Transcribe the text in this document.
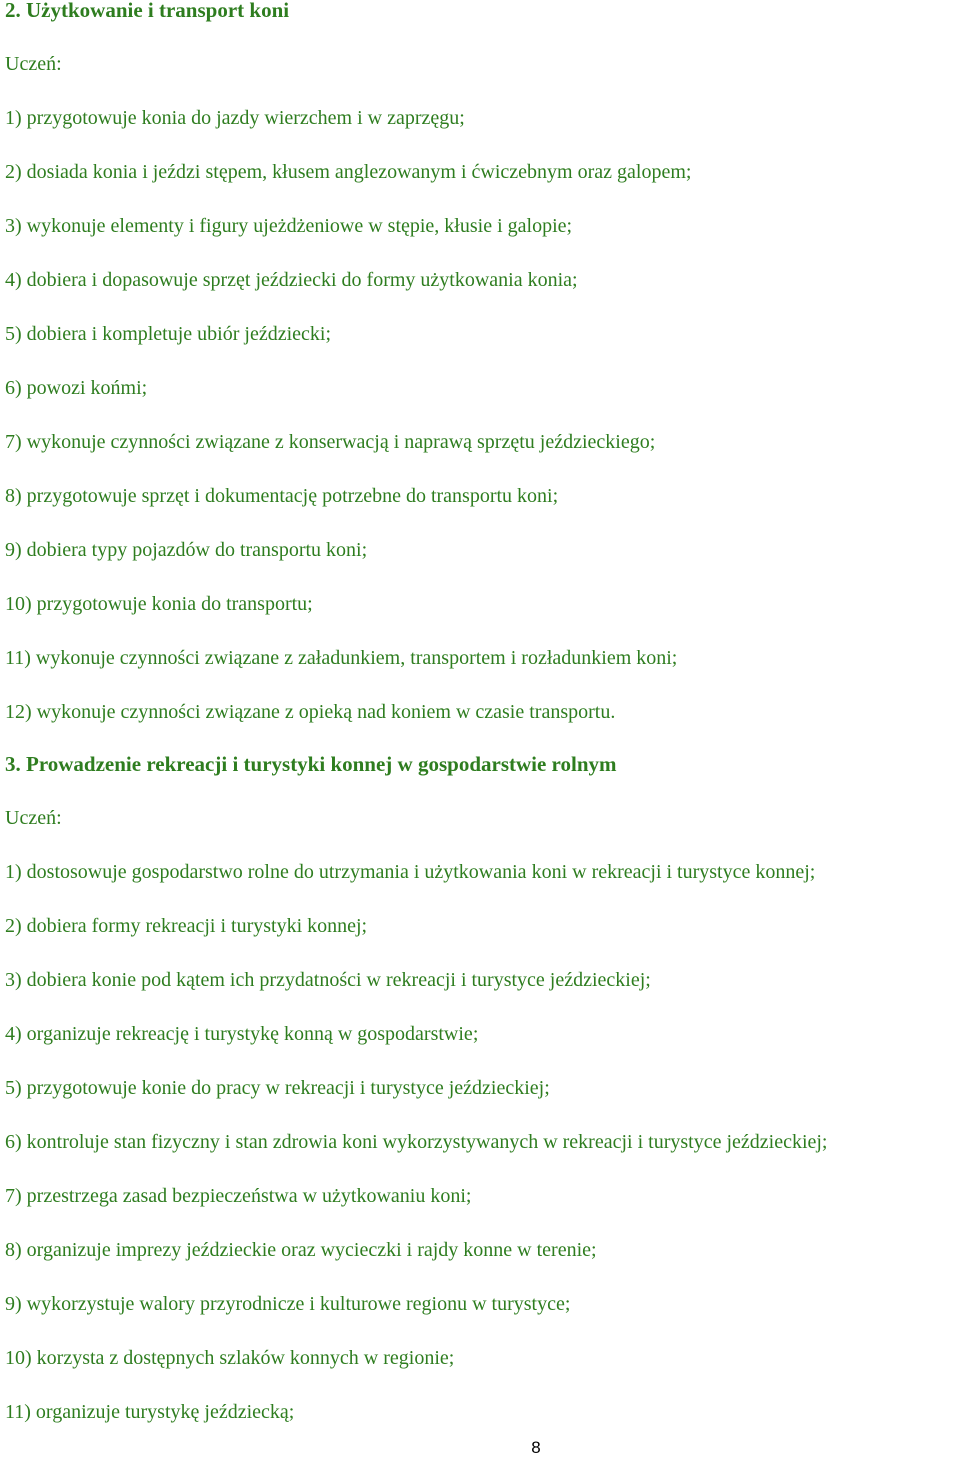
2. Użytkowanie i transport koni
Uczeń:
1) przygotowuje konia do jazdy wierzchem i w zaprzęgu;
2) dosiada konia i jeździ stępem, kłusem anglezowanym i ćwiczebnym oraz galopem;
3) wykonuje elementy i figury ujeżdżeniowe w stępie, kłusie i galopie;
4) dobiera i dopasowuje sprzęt jeździecki do formy użytkowania konia;
5) dobiera i kompletuje ubiór jeździecki;
6) powozi końmi;
7) wykonuje czynności związane z konserwacją i naprawą sprzętu jeździeckiego;
8) przygotowuje sprzęt i dokumentację potrzebne do transportu koni;
9) dobiera typy pojazdów do transportu koni;
10) przygotowuje konia do transportu;
11) wykonuje czynności związane z załadunkiem, transportem i rozładunkiem koni;
12) wykonuje czynności związane z opieką nad koniem w czasie transportu.
3. Prowadzenie rekreacji i turystyki konnej w gospodarstwie rolnym
Uczeń:
1) dostosowuje gospodarstwo rolne do utrzymania i użytkowania koni w rekreacji i turystyce konnej;
2) dobiera formy rekreacji i turystyki konnej;
3) dobiera konie pod kątem ich przydatności w rekreacji i turystyce jeździeckiej;
4) organizuje rekreację i turystykę konną w gospodarstwie;
5) przygotowuje konie do pracy w rekreacji i turystyce jeździeckiej;
6) kontroluje stan fizyczny i stan zdrowia koni wykorzystywanych w rekreacji i turystyce jeździeckiej;
7) przestrzega zasad bezpieczeństwa w użytkowaniu koni;
8) organizuje imprezy jeździeckie oraz wycieczki i rajdy konne w terenie;
9) wykorzystuje walory przyrodnicze i kulturowe regionu w turystyce;
10) korzysta z dostępnych szlaków konnych w regionie;
11) organizuje turystykę jeździecką;
8
